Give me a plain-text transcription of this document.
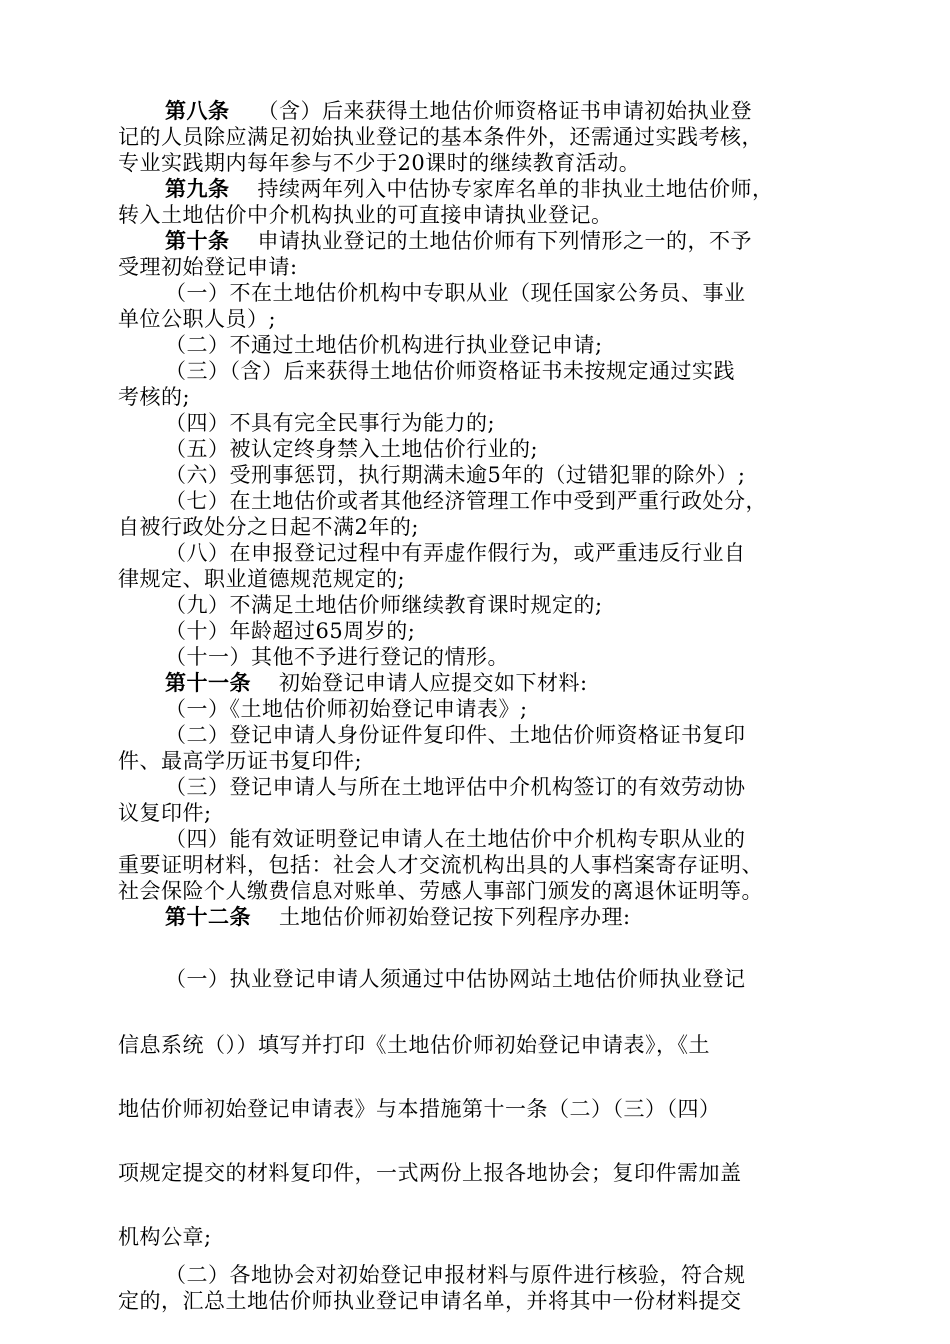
第八条 （含）后来获得土地估价师资格证书申请初始执业登
记的人员除应满足初始执业登记的基本条件外，还需通过实践考核，
专业实践期内每年参与不少于20课时的继续教育活动。
第九条 持续两年列入中估协专家库名单的非执业土地估价师，
转入土地估价中介机构执业的可直接申请执业登记。
第十条 申请执业登记的土地估价师有下列情形之一的，不予
受理初始登记申请:
（一）不在土地估价机构中专职从业（现任国家公务员、事业
单位公职人员）;
（二）不通过土地估价机构进行执业登记申请;
（三）（含）后来获得土地估价师资格证书未按规定通过实践
考核的;
（四）不具有完全民事行为能力的;
（五）被认定终身禁入土地估价行业的;
（六）受刑事惩罚，执行期满未逾5年的（过错犯罪的除外）;
（七）在土地估价或者其他经济管理工作中受到严重行政处分，
自被行政处分之日起不满2年的;
（八）在申报登记过程中有弄虚作假行为，或严重违反行业自
律规定、职业道德规范规定的;
（九）不满足土地估价师继续教育课时规定的;
（十）年龄超过65周岁的;
（十一）其他不予进行登记的情形。
第十一条 初始登记申请人应提交如下材料:
（一）《土地估价师初始登记申请表》;
（二）登记申请人身份证件复印件、土地估价师资格证书复印
件、最高学历证书复印件;
（三）登记申请人与所在土地评估中介机构签订的有效劳动协
议复印件;
（四）能有效证明登记申请人在土地估价中介机构专职从业的
重要证明材料，包括：社会人才交流机构出具的人事档案寄存证明、
社会保险个人缴费信息对账单、劳感人事部门颁发的离退休证明等。
第十二条 土地估价师初始登记按下列程序办理:
（一）执业登记申请人须通过中估协网站土地估价师执业登记
信息系统（））填写并打印《土地估价师初始登记申请表》，《土
地估价师初始登记申请表》与本措施第十一条（二）（三）（四）
项规定提交的材料复印件，一式两份上报各地协会；复印件需加盖
机构公章;
（二）各地协会对初始登记申报材料与原件进行核验，符合规
定的，汇总土地估价师执业登记申请名单，并将其中一份材料提交
